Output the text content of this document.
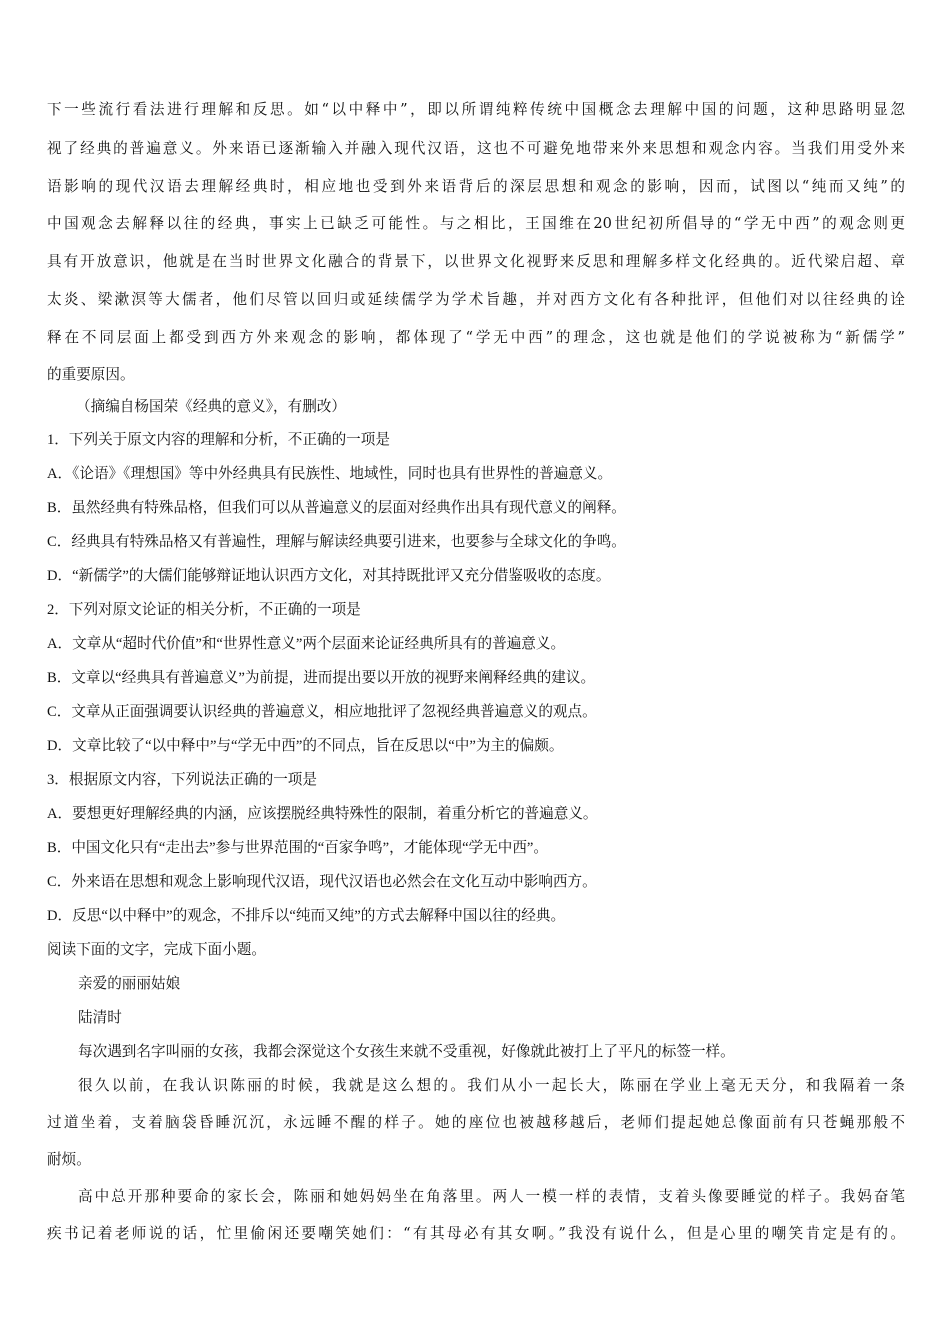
下一些流行看法进行理解和反思。如“以中释中”，即以所谓纯粹传统中国概念去理解中国的问题，这种思路明显忽
视了经典的普遍意义。外来语已逐渐输入并融入现代汉语，这也不可避免地带来外来思想和观念内容。当我们用受外来
语影响的现代汉语去理解经典时，相应地也受到外来语背后的深层思想和观念的影响，因而，试图以“纯而又纯”的
中国观念去解释以往的经典，事实上已缺乏可能性。与之相比，王国维在20世纪初所倡导的“学无中西”的观念则更
具有开放意识，他就是在当时世界文化融合的背景下，以世界文化视野来反思和理解多样文化经典的。近代梁启超、章
太炎、梁漱溟等大儒者，他们尽管以回归或延续儒学为学术旨趣，并对西方文化有各种批评，但他们对以往经典的诠
释在不同层面上都受到西方外来观念的影响，都体现了“学无中西”的理念，这也就是他们的学说被称为“新儒学”
的重要原因。
（摘编自杨国荣《经典的意义》，有删改）
1．下列关于原文内容的理解和分析，不正确的一项是
A．《论语》《理想国》等中外经典具有民族性、地域性，同时也具有世界性的普遍意义。
B．虽然经典有特殊品格，但我们可以从普遍意义的层面对经典作出具有现代意义的阐释。
C．经典具有特殊品格又有普遍性，理解与解读经典要引进来，也要参与全球文化的争鸣。
D．“新儒学”的大儒们能够辩证地认识西方文化，对其持既批评又充分借鉴吸收的态度。
2．下列对原文论证的相关分析，不正确的一项是
A．文章从“超时代价值”和“世界性意义”两个层面来论证经典所具有的普遍意义。
B．文章以“经典具有普遍意义”为前提，进而提出要以开放的视野来阐释经典的建议。
C．文章从正面强调要认识经典的普遍意义，相应地批评了忽视经典普遍意义的观点。
D．文章比较了“以中释中”与“学无中西”的不同点，旨在反思以“中”为主的偏颇。
3．根据原文内容，下列说法正确的一项是
A．要想更好理解经典的内涵，应该摆脱经典特殊性的限制，着重分析它的普遍意义。
B．中国文化只有“走出去”参与世界范围的“百家争鸣”，才能体现“学无中西”。
C．外来语在思想和观念上影响现代汉语，现代汉语也必然会在文化互动中影响西方。
D．反思“以中释中”的观念，不排斥以“纯而又纯”的方式去解释中国以往的经典。
阅读下面的文字，完成下面小题。
亲爱的丽丽姑娘
陆清时
每次遇到名字叫丽的女孩，我都会深觉这个女孩生来就不受重视，好像就此被打上了平凡的标签一样。
很久以前，在我认识陈丽的时候，我就是这么想的。我们从小一起长大，陈丽在学业上毫无天分，和我隔着一条
过道坐着，支着脑袋昏睡沉沉，永远睡不醒的样子。她的座位也被越移越后，老师们提起她总像面前有只苍蝇那般不
耐烦。
高中总开那种要命的家长会，陈丽和她妈妈坐在角落里。两人一模一样的表情，支着头像要睡觉的样子。我妈奋笔
疾书记着老师说的话，忙里偷闲还要嘲笑她们：“有其母必有其女啊。”我没有说什么，但是心里的嘲笑肯定是有的。
